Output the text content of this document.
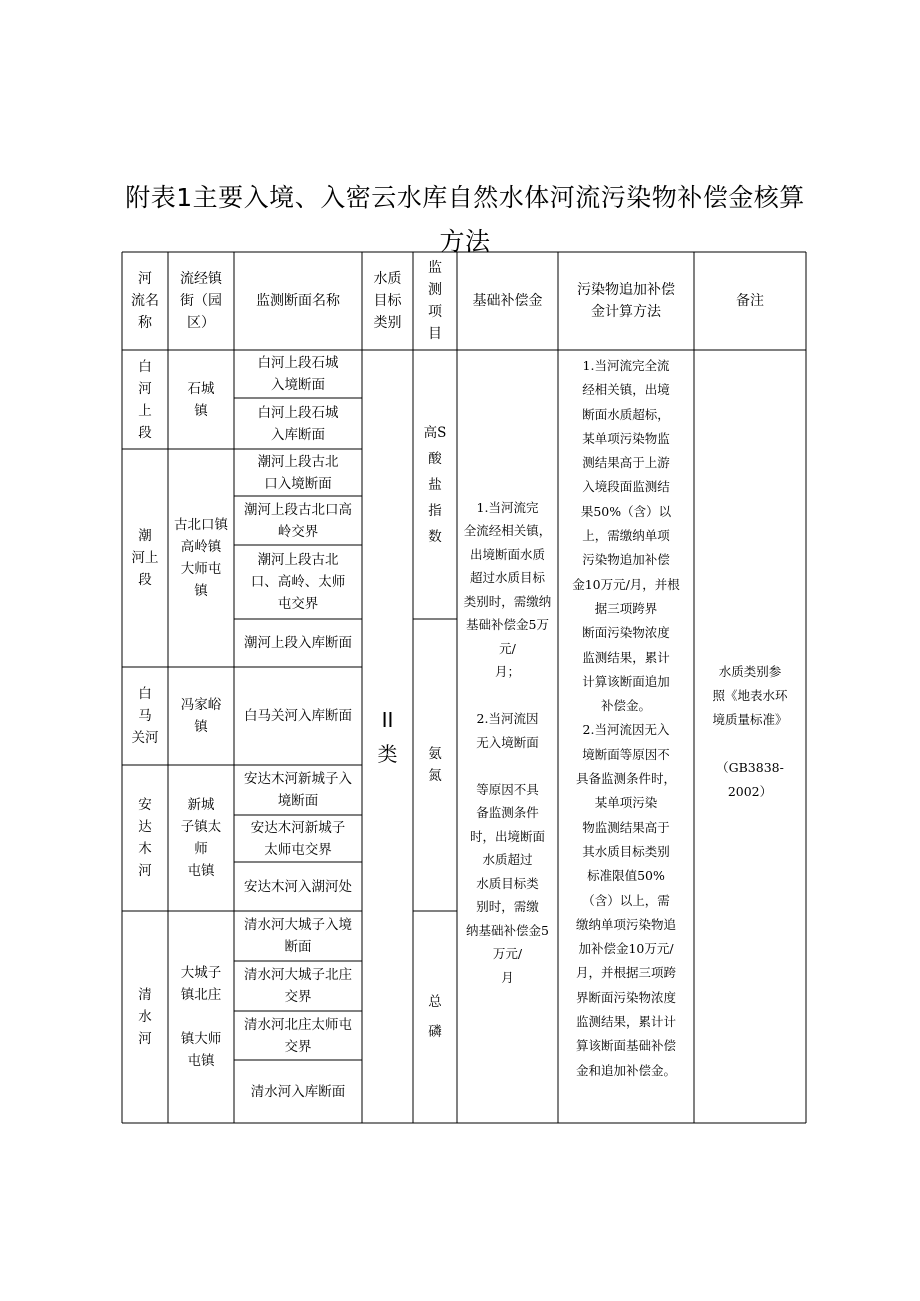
附表1主要入境、入密云水库自然水体河流污染物补偿金核算
方法
河
流名
称
流经镇
街（园
区）
监测断面名称
水质
目标
类别
监
测
项
目
基础补偿金
污染物追加补偿
金计算方法
备注
白
河
上
段
潮
河上
段
白
马
关河
安
达
木
河
清
水
河
石城
镇
古北口镇
高岭镇
大师屯
镇
冯家峪
镇
新城
子镇太
师
屯镇
大城子
镇北庄

镇大师
屯镇
白河上段石城
入境断面
白河上段石城
入库断面
潮河上段古北
口入境断面
潮河上段古北口高
岭交界
潮河上段古北
口、高岭、太师
屯交界
潮河上段入库断面
白马关河入库断面
安达木河新城子入
境断面
安达木河新城子
太师屯交界
安达木河入湖河处
清水河大城子入境
断面
清水河大城子北庄
交界
清水河北庄太师屯
交界
清水河入库断面
II
类
高S
酸
盐
指
数
氨
氮
总
磷
1.当河流完
全流经相关镇，
出境断面水质
超过水质目标
类别时，需缴纳
基础补偿金5万
元/
月；

2.当河流因
无入境断面

等原因不具
备监测条件
时，出境断面
水质超过
水质目标类
别时，需缴
纳基础补偿金5
万元/
月
1.当河流完全流
经相关镇，出境
断面水质超标，
某单项污染物监
测结果高于上游
入境段面监测结
果50%（含）以
上，需缴纳单项
污染物追加补偿
金10万元/月，并根
据三项跨界
断面污染物浓度
监测结果，累计
计算该断面追加
补偿金。
2.当河流因无入
境断面等原因不
具备监测条件时，
某单项污染
物监测结果高于
其水质目标类别
标准限值50%
（含）以上，需
缴纳单项污染物追
加补偿金10万元/
月，并根据三项跨
界断面污染物浓度
监测结果，累计计
算该断面基础补偿
金和追加补偿金。
水质类别参
照《地表水环
境质量标准》

（GB3838-
2002）
